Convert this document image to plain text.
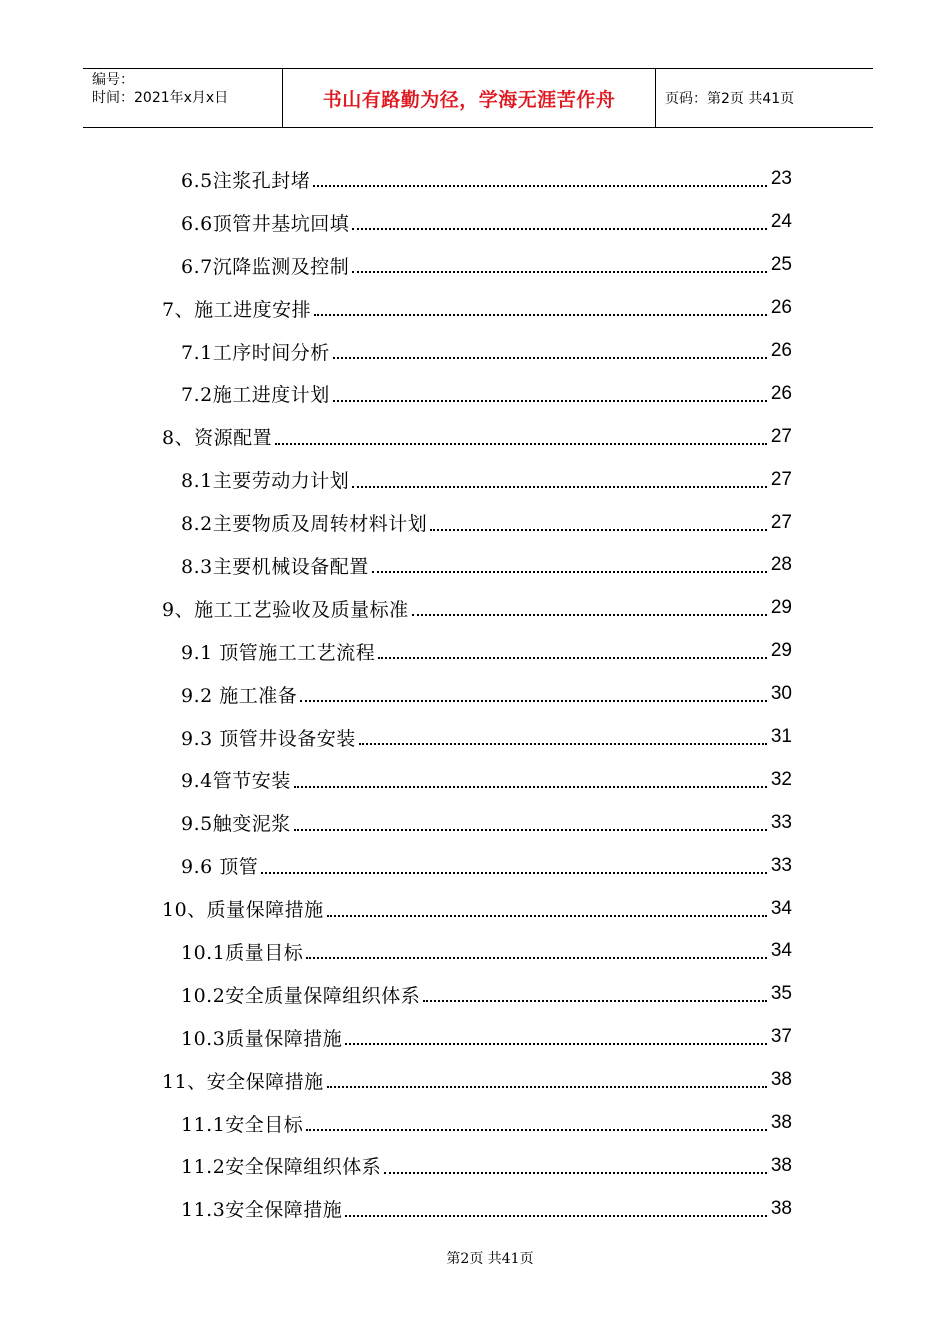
编号：
时间：2021年x月x日	书山有路勤为径，学海无涯苦作舟	页码：第2页 共41页
6.5注浆孔封堵	23
6.6顶管井基坑回填	24
6.7沉降监测及控制	25
7、施工进度安排	26
7.1工序时间分析	26
7.2施工进度计划	26
8、资源配置	27
8.1主要劳动力计划	27
8.2主要物质及周转材料计划	27
8.3主要机械设备配置	28
9、施工工艺验收及质量标准	29
9.1 顶管施工工艺流程	29
9.2 施工准备	30
9.3 顶管井设备安装	31
9.4管节安装	32
9.5触变泥浆	33
9.6 顶管	33
10、质量保障措施	34
10.1质量目标	34
10.2安全质量保障组织体系	35
10.3质量保障措施	37
11、安全保障措施	38
11.1安全目标	38
11.2安全保障组织体系	38
11.3安全保障措施	38
第2页 共41页
